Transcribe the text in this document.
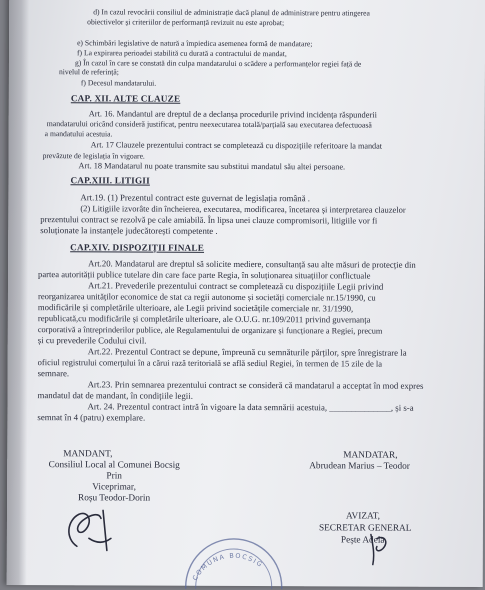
d) In cazul revocării consiliul de administrație dacă planul de administrare pentru atingerea
obiectivelor și criteriilor de performanță revizuit nu este aprobat;
e) Schimbări legislative de natură a împiedica asemenea formă de mandatare;
f) La expirarea perioadei stabilită cu durată a contractului de mandat,
g) În cazul în care se constată din culpa mandatarului o scădere a performanțelor regiei față de
nivelul de referință;
f) Decesul mandatarului.
CAP. XII. ALTE CLAUZE
Art. 16. Mandantul are dreptul de a declanșa procedurile privind incidența răspunderii
mandatarului oricând consideră justificat, pentru neexecutarea totală/parțială sau executarea defectuoasă
a mandatului acestuia.
Art. 17 Clauzele prezentului contract se completează cu dispozițiile referitoare la mandat
prevăzute de legislația în vigoare.
Art. 18 Mandatarul nu poate transmite sau substitui mandatul său altei persoane.
CAP.XIII. LITIGII
Art.19. (1) Prezentul contract este guvernat de legislația română .
(2) Litigiile izvorâte din încheierea, executarea, modificarea, încetarea și interpretarea clauzelor
prezentului contract se rezolvă pe cale amiabilă. În lipsa unei clauze compromisorii, litigiile vor fi
soluționate la instanțele judecătorești competente .
CAP.XIV. DISPOZIȚII FINALE
Art.20. Mandatarul are dreptul să solicite mediere, consultanță sau alte măsuri de protecție din
partea autorității publice tutelare din care face parte Regia, în soluționarea situațiilor conflictuale
Art.21. Prevederile prezentului contract se completează cu dispozițiile Legii privind
reorganizarea unităților economice de stat ca regii autonome și societăți comerciale nr.15/1990, cu
modificările și completările ulterioare, ale Legii privind societățile comerciale nr. 31/1990,
republicată,cu modificările și completările ulterioare, ale O.U.G. nr.109/2011 privind guvernanța
corporativă a întreprinderilor publice, ale Regulamentului de organizare și funcționare a Regiei, precum
și cu prevederile Codului civil.
Art.22. Prezentul Contract se depune, împreună cu semnăturile părților, spre înregistrare la
oficiul registrului comerțului în a cărui rază teritorială se află sediul Regiei, în termen de 15 zile de la
semnare.
Art.23. Prin semnarea prezentului contract se consideră că mandatarul a acceptat în mod expres
mandatul dat de mandant, în condițiile legii.
Art. 24. Prezentul contract intră în vigoare la data semnării acestuia, ______________, și s-a
semnat în 4 (patru) exemplare.
MANDANT,
Consiliul Local al Comunei Bocsig
Prin
Viceprimar,
Roșu Teodor-Dorin
MANDATAR,
Abrudean Marius – Teodor
AVIZAT,
SECRETAR GENERAL
Pește Adela
COMUNA BOCSIG
